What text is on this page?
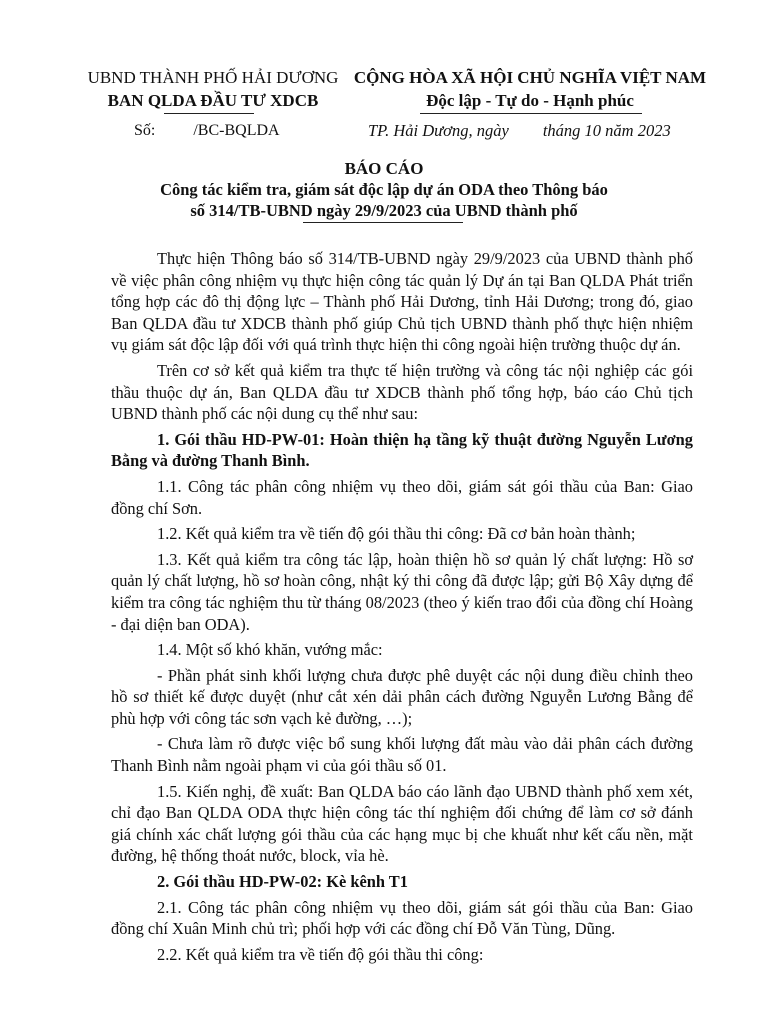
UBND THÀNH PHỐ HẢI DƯƠNG
BAN QLDA ĐẦU TƯ XDCB
CỘNG HÒA XÃ HỘI CHỦ NGHĨA VIỆT NAM
Độc lập - Tự do - Hạnh phúc
Số: /BC-BQLDA	TP. Hải Dương, ngày tháng 10 năm 2023
BÁO CÁO
Công tác kiểm tra, giám sát độc lập dự án ODA theo Thông báo
số 314/TB-UBND ngày 29/9/2023 của UBND thành phố

Thực hiện Thông báo số 314/TB-UBND ngày 29/9/2023 của UBND thành phố về việc phân công nhiệm vụ thực hiện công tác quản lý Dự án tại Ban QLDA Phát triển tổng hợp các đô thị động lực – Thành phố Hải Dương, tỉnh Hải Dương; trong đó, giao Ban QLDA đầu tư XDCB thành phố giúp Chủ tịch UBND thành phố thực hiện nhiệm vụ giám sát độc lập đối với quá trình thực hiện thi công ngoài hiện trường thuộc dự án.

Trên cơ sở kết quả kiểm tra thực tế hiện trường và công tác nội nghiệp các gói thầu thuộc dự án, Ban QLDA đầu tư XDCB thành phố tổng hợp, báo cáo Chủ tịch UBND thành phố các nội dung cụ thể như sau:

1. Gói thầu HD-PW-01: Hoàn thiện hạ tầng kỹ thuật đường Nguyễn Lương Bằng và đường Thanh Bình.

1.1. Công tác phân công nhiệm vụ theo dõi, giám sát gói thầu của Ban: Giao đồng chí Sơn.

1.2. Kết quả kiểm tra về tiến độ gói thầu thi công: Đã cơ bản hoàn thành;

1.3. Kết quả kiểm tra công tác lập, hoàn thiện hồ sơ quản lý chất lượng: Hồ sơ quản lý chất lượng, hồ sơ hoàn công, nhật ký thi công đã được lập; gửi Bộ Xây dựng để kiểm tra công tác nghiệm thu từ tháng 08/2023 (theo ý kiến trao đổi của đồng chí Hoàng - đại diện ban ODA).

1.4. Một số khó khăn, vướng mắc:

- Phần phát sinh khối lượng chưa được phê duyệt các nội dung điều chỉnh theo hồ sơ thiết kế được duyệt (như cắt xén dải phân cách đường Nguyễn Lương Bằng để phù hợp với công tác sơn vạch kẻ đường, …);

- Chưa làm rõ được việc bổ sung khối lượng đất màu vào dải phân cách đường Thanh Bình nằm ngoài phạm vi của gói thầu số 01.

1.5. Kiến nghị, đề xuất: Ban QLDA báo cáo lãnh đạo UBND thành phố xem xét, chỉ đạo Ban QLDA ODA thực hiện công tác thí nghiệm đối chứng để làm cơ sở đánh giá chính xác chất lượng gói thầu của các hạng mục bị che khuất như kết cấu nền, mặt đường, hệ thống thoát nước, block, vỉa hè.

2. Gói thầu HD-PW-02: Kè kênh T1

2.1. Công tác phân công nhiệm vụ theo dõi, giám sát gói thầu của Ban: Giao đồng chí Xuân Minh chủ trì; phối hợp với các đồng chí Đỗ Văn Tùng, Dũng.

2.2. Kết quả kiểm tra về tiến độ gói thầu thi công:
